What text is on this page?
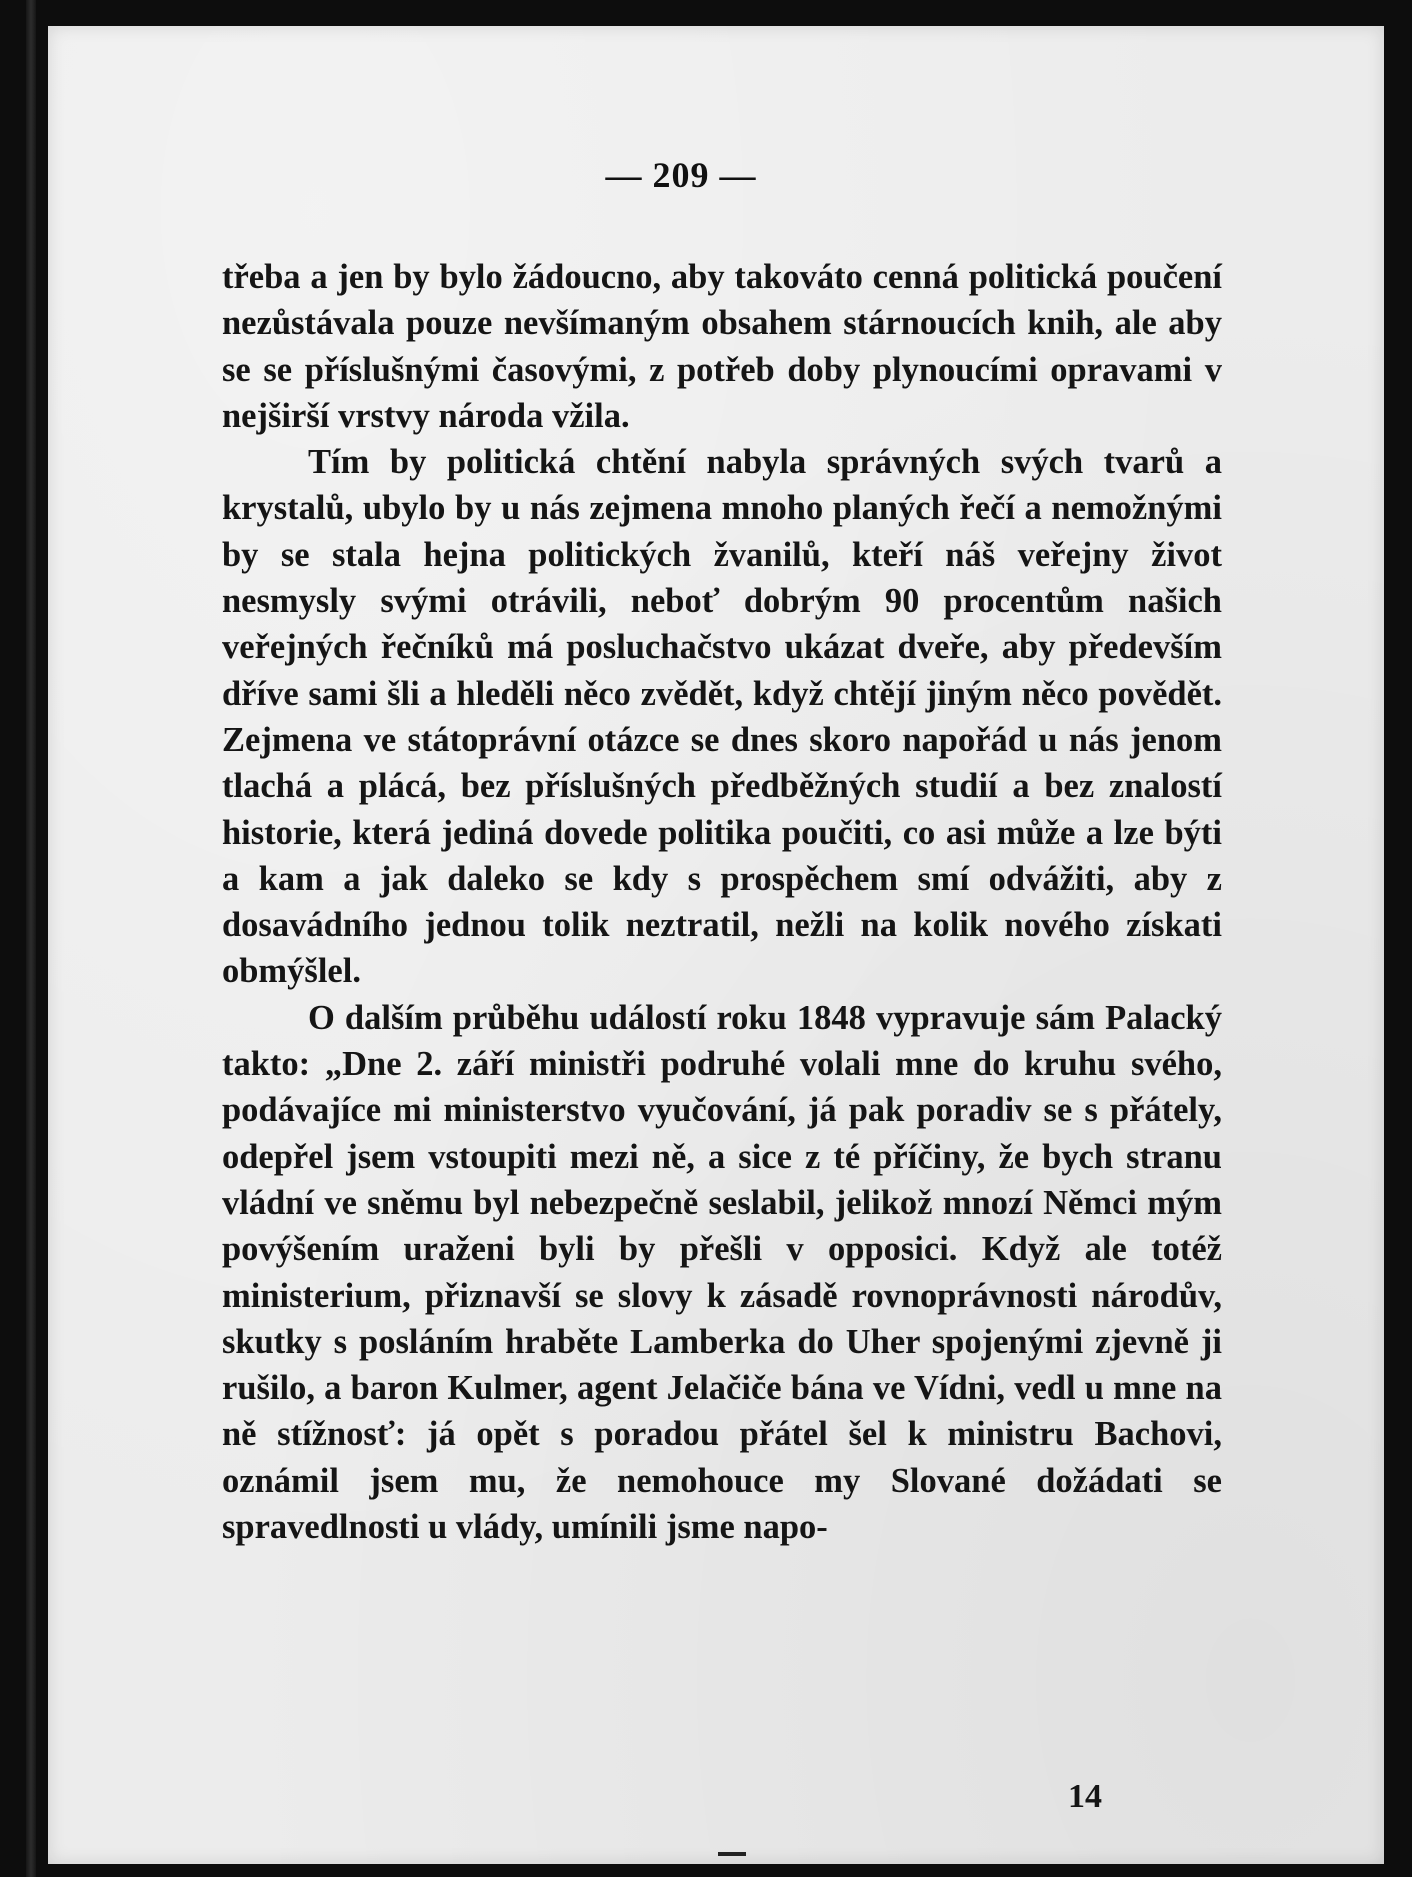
— 209 —

třeba a jen by bylo žádoucno, aby takováto cenná politická poučení nezůstávala pouze nevšímaným obsahem stárnoucích knih, ale aby se se příslušnými časovými, z potřeb doby plynoucími opravami v nejširší vrstvy národa vžila.

Tím by politická chtění nabyla správných svých tvarů a krystalů, ubylo by u nás zejmena mnoho planých řečí a nemožnými by se stala hejna politických žvanilů, kteří náš veřejny život nesmysly svými otrávili, neboť dobrým 90 procentům našich veřejných řečníků má posluchačstvo ukázat dveře, aby především dříve sami šli a hleděli něco zvědět, když chtějí jiným něco povědět. Zejmena ve státoprávní otázce se dnes skoro napořád u nás jenom tlachá a plácá, bez příslušných předběžných studií a bez znalostí historie, která jediná dovede politika poučiti, co asi může a lze býti a kam a jak daleko se kdy s prospěchem smí odvážiti, aby z dosavádního jednou tolik neztratil, nežli na kolik nového získati obmýšlel.

O dalším průběhu událostí roku 1848 vypravuje sám Palacký takto: „Dne 2. září ministři podruhé volali mne do kruhu svého, podávajíce mi ministerstvo vyučování, já pak poradiv se s přátely, odepřel jsem vstoupiti mezi ně, a sice z té příčiny, že bych stranu vládní ve sněmu byl nebezpečně seslabil, jelikož mnozí Němci mým povýšením uraženi byli by přešli v opposici. Když ale totéž ministerium, přiznavší se slovy k zásadě rovnoprávnosti národův, skutky s posláním hraběte Lamberka do Uher spojenými zjevně ji rušilo, a baron Kulmer, agent Jelačiče bána ve Vídni, vedl u mne na ně stížnosť: já opět s poradou přátel šel k ministru Bachovi, oznámil jsem mu, že nemohouce my Slované dožádati se spravedlnosti u vlády, umínili jsme napo-

14
